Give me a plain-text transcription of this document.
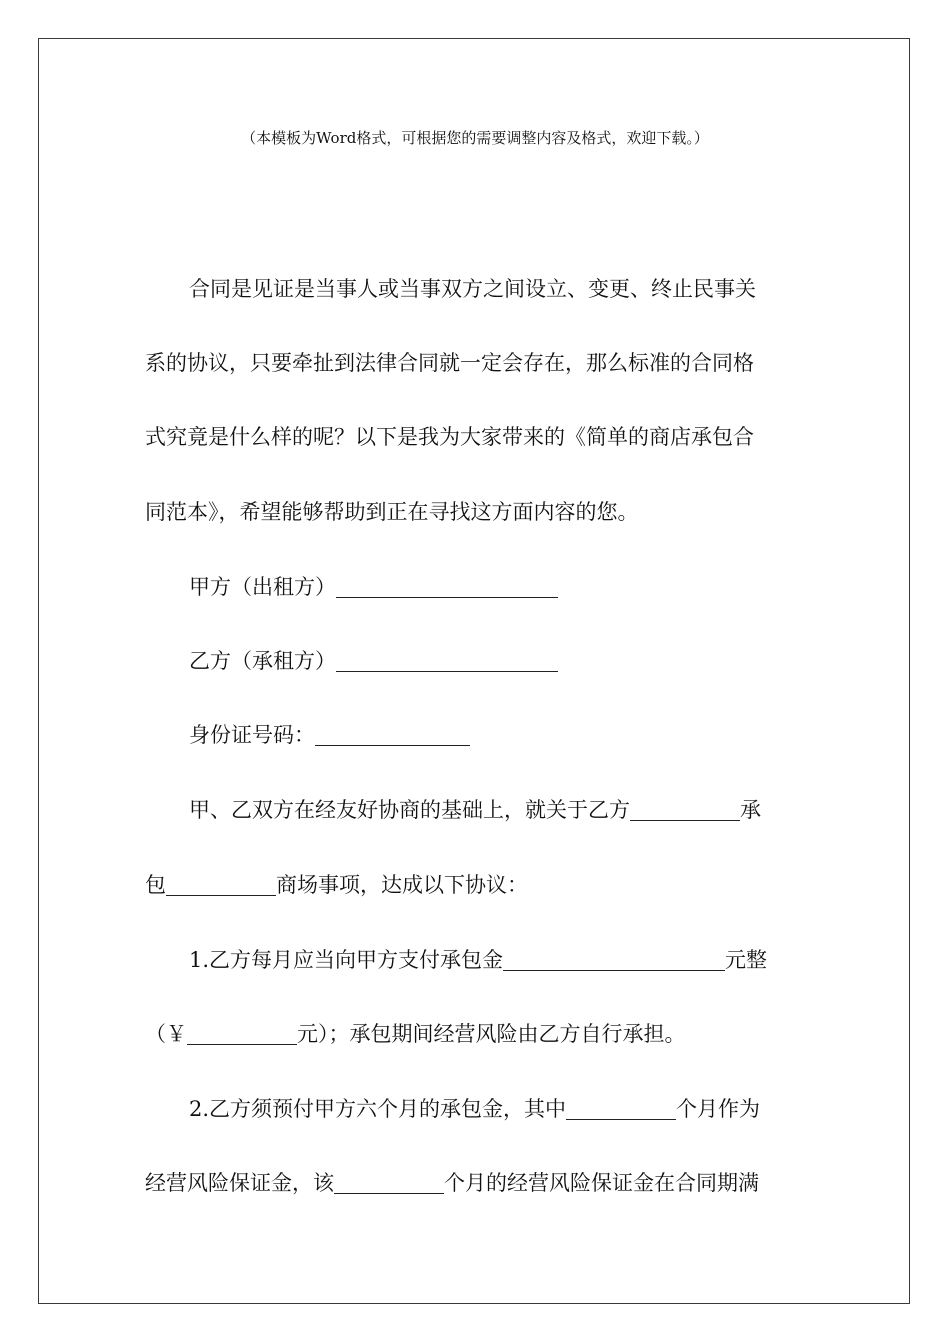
（本模板为Word格式，可根据您的需要调整内容及格式，欢迎下载。）
合同是见证是当事人或当事双方之间设立、变更、终止民事关
系的协议，只要牵扯到法律合同就一定会存在，那么标准的合同格
式究竟是什么样的呢？以下是我为大家带来的《简单的商店承包合
同范本》，希望能够帮助到正在寻找这方面内容的您。
甲方（出租方）
乙方（承租方）
身份证号码：
甲、乙双方在经友好协商的基础上，就关于乙方	承
包	商场事项，达成以下协议：
1.乙方每月应当向甲方支付承包金	元整
（￥	元）；承包期间经营风险由乙方自行承担。
2.乙方须预付甲方六个月的承包金，其中	个月作为
经营风险保证金，该	个月的经营风险保证金在合同期满
